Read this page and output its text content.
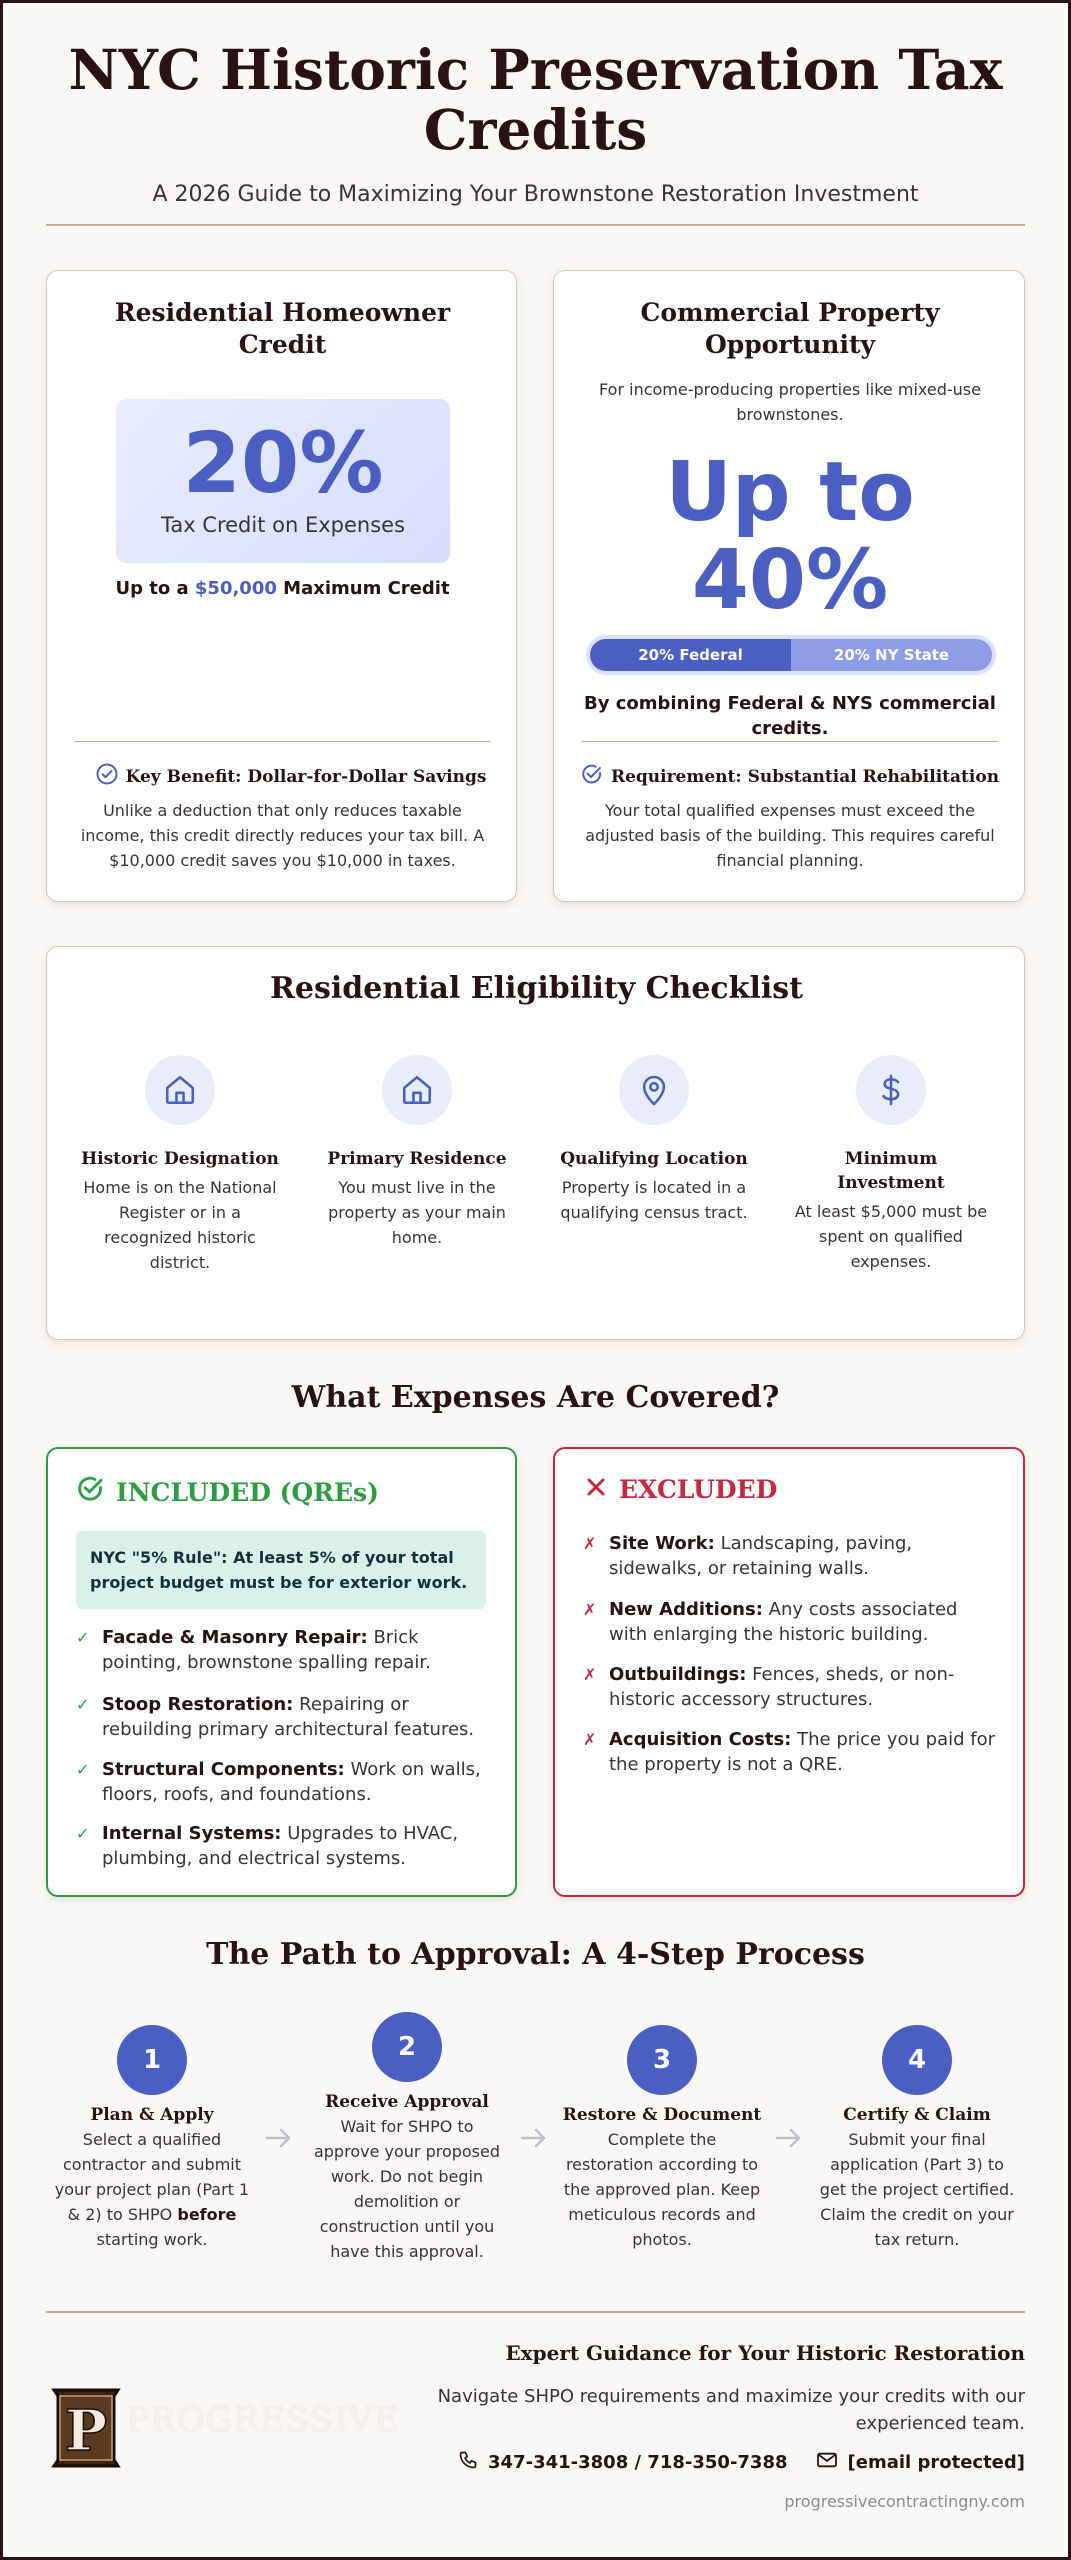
NYC Historic Preservation Tax Credits
A 2026 Guide to Maximizing Your Brownstone Restoration Investment
Residential Homeowner Credit
20%
Tax Credit on Expenses
Up to a $50,000 Maximum Credit
Key Benefit: Dollar-for-Dollar Savings
Unlike a deduction that only reduces taxable income, this credit directly reduces your tax bill. A $10,000 credit saves you $10,000 in taxes.
Commercial Property Opportunity
For income-producing properties like mixed-use brownstones.
Up to
40%
20% Federal	20% NY State
By combining Federal & NYS commercial credits.
Requirement: Substantial Rehabilitation
Your total qualified expenses must exceed the adjusted basis of the building. This requires careful financial planning.
Residential Eligibility Checklist
Historic Designation
Home is on the National Register or in a recognized historic district.
Primary Residence
You must live in the property as your main home.
Qualifying Location
Property is located in a qualifying census tract.
Minimum Investment
At least $5,000 must be spent on qualified expenses.
What Expenses Are Covered?
INCLUDED (QREs)
NYC "5% Rule": At least 5% of your total project budget must be for exterior work.
✓ Facade & Masonry Repair: Brick pointing, brownstone spalling repair.
✓ Stoop Restoration: Repairing or rebuilding primary architectural features.
✓ Structural Components: Work on walls, floors, roofs, and foundations.
✓ Internal Systems: Upgrades to HVAC, plumbing, and electrical systems.
EXCLUDED
✗ Site Work: Landscaping, paving, sidewalks, or retaining walls.
✗ New Additions: Any costs associated with enlarging the historic building.
✗ Outbuildings: Fences, sheds, or non-historic accessory structures.
✗ Acquisition Costs: The price you paid for the property is not a QRE.
The Path to Approval: A 4-Step Process
1
Plan & Apply
Select a qualified contractor and submit your project plan (Part 1 & 2) to SHPO before starting work.
2
Receive Approval
Wait for SHPO to approve your proposed work. Do not begin demolition or construction until you have this approval.
3
Restore & Document
Complete the restoration according to the approved plan. Keep meticulous records and photos.
4
Certify & Claim
Submit your final application (Part 3) to get the project certified. Claim the credit on your tax return.
P PROGRESSIVE
Expert Guidance for Your Historic Restoration
Navigate SHPO requirements and maximize your credits with our experienced team.
347-341-3808 / 718-350-7388	[email protected]
progressivecontractingny.com
